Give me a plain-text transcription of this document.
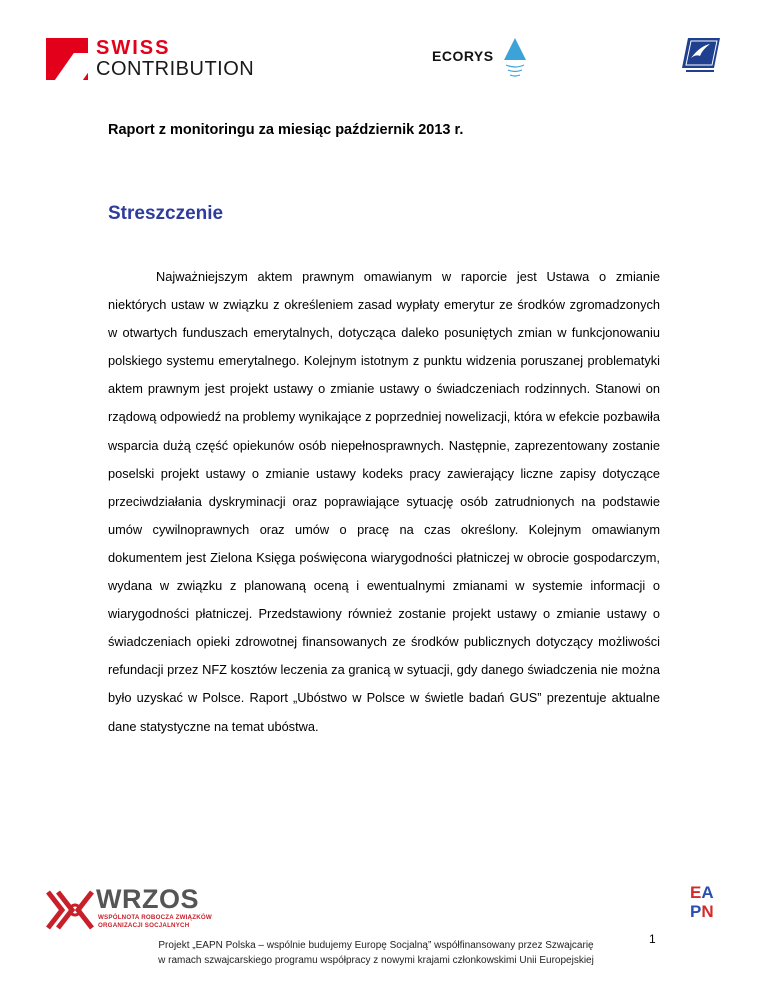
SWISS
CONTRIBUTION
ECORYS
Raport z monitoringu za miesiąc październik 2013 r.
Streszczenie
Najważniejszym aktem prawnym omawianym w raporcie jest Ustawa o zmianie niektórych ustaw w związku z określeniem zasad wypłaty emerytur ze środków zgromadzonych w otwartych funduszach emerytalnych, dotycząca daleko posuniętych zmian w funkcjonowaniu polskiego systemu emerytalnego. Kolejnym istotnym z punktu widzenia poruszanej problematyki aktem prawnym jest projekt ustawy o zmianie ustawy o świadczeniach rodzinnych. Stanowi on rządową odpowiedź na problemy wynikające z poprzedniej nowelizacji, która w efekcie pozbawiła wsparcia dużą część opiekunów osób niepełnosprawnych. Następnie, zaprezentowany zostanie poselski projekt ustawy o zmianie ustawy kodeks pracy zawierający liczne zapisy dotyczące przeciwdziałania dyskryminacji oraz poprawiające sytuację osób zatrudnionych na podstawie umów cywilnoprawnych oraz umów o pracę na czas określony. Kolejnym omawianym dokumentem jest Zielona Księga poświęcona wiarygodności płatniczej w obrocie gospodarczym, wydana w związku z planowaną oceną i ewentualnymi zmianami w systemie informacji o wiarygodności płatniczej. Przedstawiony również zostanie projekt ustawy o zmianie ustawy o świadczeniach opieki zdrowotnej finansowanych ze środków publicznych dotyczący możliwości refundacji przez NFZ kosztów leczenia za granicą w sytuacji, gdy danego świadczenia nie można było uzyskać w Polsce. Raport „Ubóstwo w Polsce w świetle badań GUS” prezentuje aktualne dane statystyczne na temat ubóstwa.
WRZOS
WSPÓLNOTA ROBOCZA ZWIĄZKÓW
ORGANIZACJI SOCJALNYCH
EA
PN
Projekt „EAPN Polska – wspólnie budujemy Europę Socjalną” współfinansowany przez Szwajcarię
w ramach szwajcarskiego programu współpracy z nowymi krajami członkowskimi Unii Europejskiej
1
